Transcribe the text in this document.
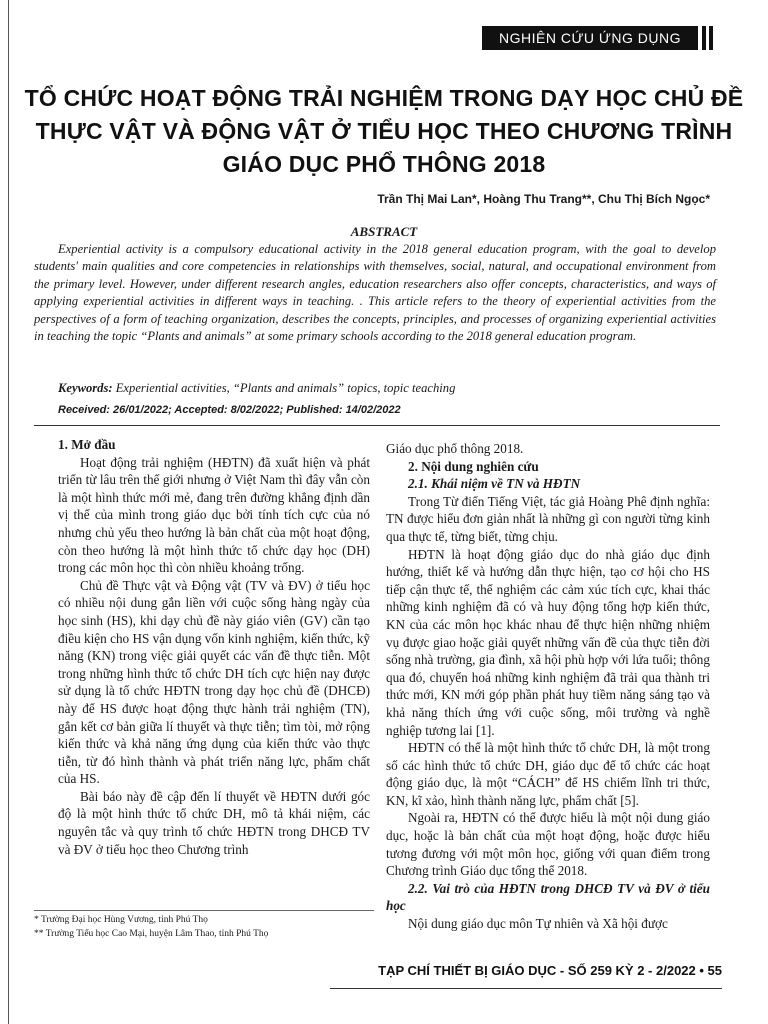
NGHIÊN CỨU ỨNG DỤNG
TỔ CHỨC HOẠT ĐỘNG TRẢI NGHIỆM TRONG DẠY HỌC CHỦ ĐỀ THỰC VẬT VÀ ĐỘNG VẬT Ở TIỂU HỌC THEO CHƯƠNG TRÌNH GIÁO DỤC PHỔ THÔNG 2018
Trần Thị Mai Lan*, Hoàng Thu Trang**, Chu Thị Bích Ngọc*
ABSTRACT

Experiential activity is a compulsory educational activity in the 2018 general education program, with the goal to develop students' main qualities and core competencies in relationships with themselves, social, natural, and occupational environment from the primary level. However, under different research angles, education researchers also offer concepts, characteristics, and ways of applying experiential activities in different ways in teaching. . This article refers to the theory of experiential activities from the perspectives of a form of teaching organization, describes the concepts, principles, and processes of organizing experiential activities in teaching the topic “Plants and animals” at some primary schools according to the 2018 general education program.

Keywords: Experiential activities, “Plants and animals” topics, topic teaching
Received: 26/01/2022; Accepted: 8/02/2022; Published: 14/02/2022

1. Mở đầu

Hoạt động trải nghiệm (HĐTN) đã xuất hiện và phát triển từ lâu trên thế giới nhưng ở Việt Nam thì đây vẫn còn là một hình thức mới mẻ, đang trên đường khẳng định dần vị thế của mình trong giáo dục bởi tính tích cực của nó nhưng chủ yếu theo hướng là bản chất của một hoạt động, còn theo hướng là một hình thức tổ chức dạy học (DH) trong các môn học thì còn nhiều khoảng trống.

Chủ đề Thực vật và Động vật (TV và ĐV) ở tiểu học có nhiều nội dung gắn liền với cuộc sống hàng ngày của học sinh (HS), khi dạy chủ đề này giáo viên (GV) cần tạo điều kiện cho HS vận dụng vốn kinh nghiệm, kiến thức, kỹ năng (KN) trong việc giải quyết các vấn đề thực tiễn. Một trong những hình thức tổ chức DH tích cực hiện nay được sử dụng là tổ chức HĐTN trong dạy học chủ đề (DHCĐ) này để HS được hoạt động thực hành trải nghiệm (TN), gắn kết cơ bản giữa lí thuyết và thực tiễn; tìm tòi, mở rộng kiến thức và khả năng ứng dụng của kiến thức vào thực tiễn, từ đó hình thành và phát triển năng lực, phẩm chất của HS.

Bài báo này đề cập đến lí thuyết về HĐTN dưới góc độ là một hình thức tổ chức DH, mô tả khái niệm, các nguyên tắc và quy trình tổ chức HĐTN trong DHCĐ TV và ĐV ở tiểu học theo Chương trình

Giáo dục phổ thông 2018.

2. Nội dung nghiên cứu

2.1. Khái niệm về TN và HĐTN

Trong Từ điển Tiếng Việt, tác giả Hoàng Phê định nghĩa: TN được hiểu đơn giản nhất là những gì con người từng kinh qua thực tế, từng biết, từng chịu.

HĐTN là hoạt động giáo dục do nhà giáo dục định hướng, thiết kế và hướng dẫn thực hiện, tạo cơ hội cho HS tiếp cận thực tế, thể nghiệm các cảm xúc tích cực, khai thác những kinh nghiệm đã có và huy động tổng hợp kiến thức, KN của các môn học khác nhau để thực hiện những nhiệm vụ được giao hoặc giải quyết những vấn đề của thực tiễn đời sống nhà trường, gia đình, xã hội phù hợp với lứa tuổi; thông qua đó, chuyển hoá những kinh nghiệm đã trải qua thành tri thức mới, KN mới góp phần phát huy tiềm năng sáng tạo và khả năng thích ứng với cuộc sống, môi trường và nghề nghiệp tương lai [1].

HĐTN có thể là một hình thức tổ chức DH, là một trong số các hình thức tổ chức DH, giáo dục để tổ chức các hoạt động giáo dục, là một “CÁCH” để HS chiếm lĩnh tri thức, KN, kĩ xảo, hình thành năng lực, phẩm chất [5].

Ngoài ra, HĐTN có thể được hiểu là một nội dung giáo dục, hoặc là bản chất của một hoạt động, hoặc được hiểu tương đương với một môn học, giống với quan điểm trong Chương trình Giáo dục tổng thể 2018.

2.2. Vai trò của HĐTN trong DHCĐ TV và ĐV ở tiểu học

Nội dung giáo dục môn Tự nhiên và Xã hội được

* Trường Đại học Hùng Vương, tỉnh Phú Thọ
** Trường Tiểu học Cao Mại, huyện Lâm Thao, tỉnh Phú Thọ
TẠP CHÍ THIẾT BỊ GIÁO DỤC - SỐ 259 KỲ 2 - 2/2022 • 55
